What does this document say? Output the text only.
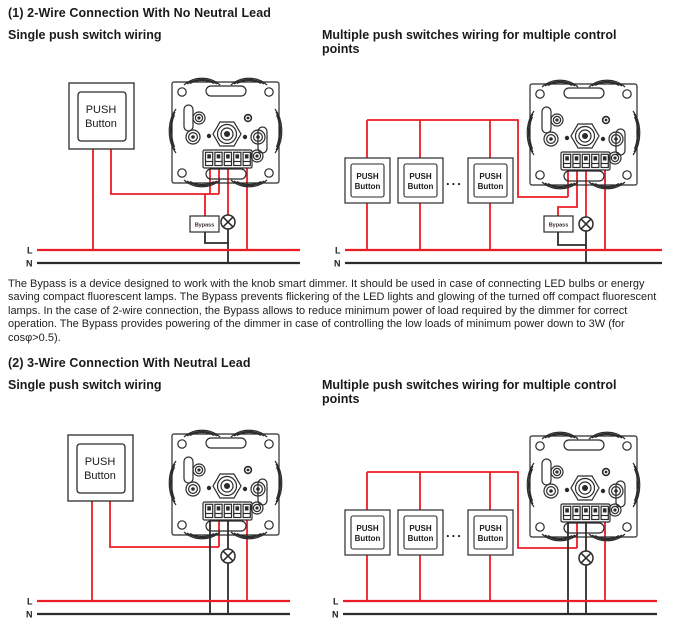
PUSH
Button
Bypass
L
N
PUSH
Button
PUSH
Button ... PUSH
Button
Bypass
L
N
PUSH
Button
L
N
PUSH
Button
PUSH
Button ... PUSH
Button
L
N
(1) 2-Wire Connection With No Neutral Lead
Single push switch wiring	Multiple push switches wiring for multiple control points
The Bypass is a device designed to work with the knob smart dimmer. It should be used in case of connecting LED bulbs or energy saving compact fluorescent lamps. The Bypass prevents flickering of the LED lights and glowing of the turned off compact fluorescent lamps. In the case of 2-wire connection, the Bypass allows to reduce minimum power of load required by the dimmer for correct operation. The Bypass provides powering of the dimmer in case of controlling the low loads of minimum power down to 3W (for cosφ>0.5).
(2) 3-Wire Connection With Neutral Lead
Single push switch wiring	Multiple push switches wiring for multiple control points
